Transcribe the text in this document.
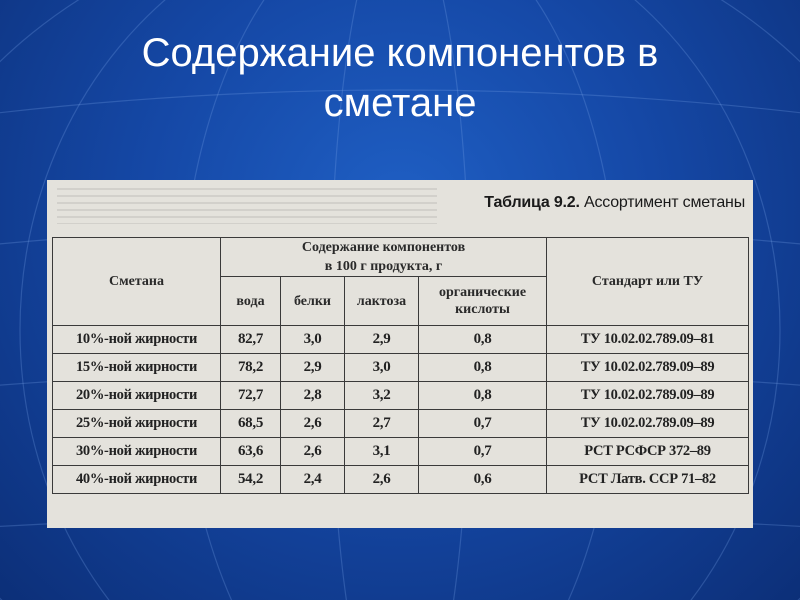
Содержание компонентов в сметане
Таблица 9.2. Ассортимент сметаны
Сметана	Содержание компонентов
в 100 г продукта, г				Стандарт или ТУ
	вода	белки	лактоза	органические
кислоты	

10%-ной жирности	82,7	3,0	2,9	0,8	ТУ 10.02.02.789.09–81
15%-ной жирности	78,2	2,9	3,0	0,8	ТУ 10.02.02.789.09–89
20%-ной жирности	72,7	2,8	3,2	0,8	ТУ 10.02.02.789.09–89
25%-ной жирности	68,5	2,6	2,7	0,7	ТУ 10.02.02.789.09–89
30%-ной жирности	63,6	2,6	3,1	0,7	РСТ РСФСР 372–89
40%-ной жирности	54,2	2,4	2,6	0,6	РСТ Латв. ССР 71–82
